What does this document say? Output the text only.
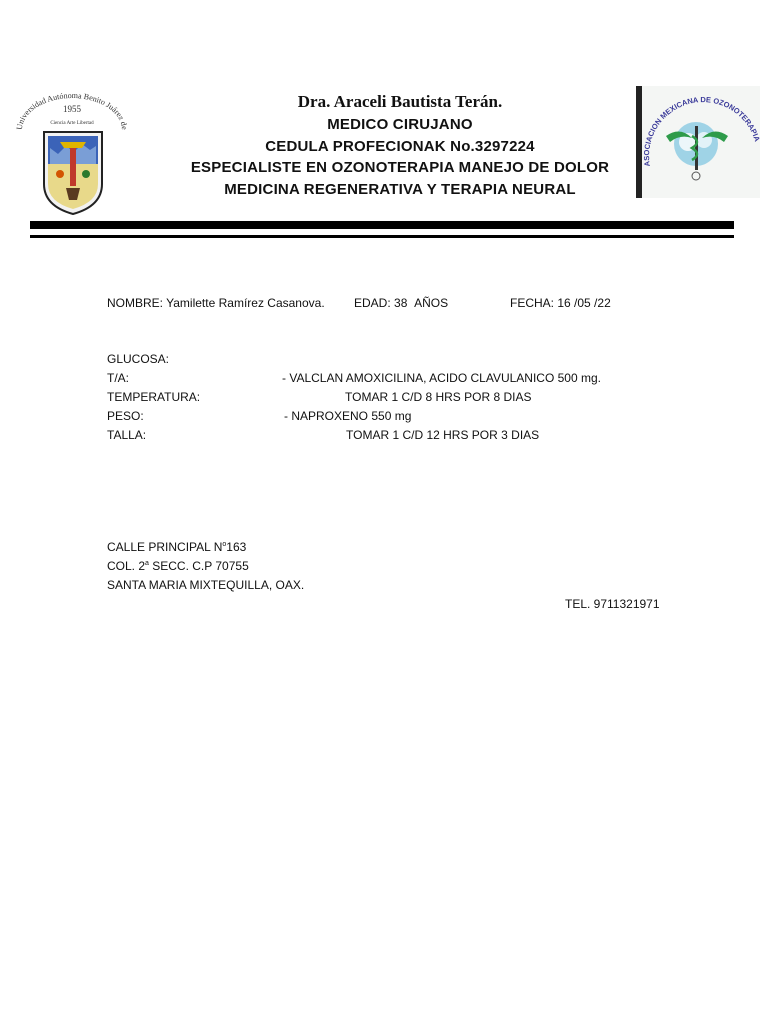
Universidad Autónoma Benito Juárez de
1955
Ciencia Arte Libertad
ASOCIACION MEXICANA DE OZONOTERAPI
Dra. Araceli Bautista Terán.
MEDICO CIRUJANO
CEDULA PROFECIONAK No.3297224
ESPECIALISTE EN OZONOTERAPIA MANEJO DE DOLOR
MEDICINA REGENERATIVA Y TERAPIA NEURAL
NOMBRE: Yamilette Ramírez Casanova. EDAD: 38 AÑOS	FECHA: 16 /05 /22
GLUCOSA:
T/A:
TEMPERATURA:
PESO:
TALLA:
- VALCLAN AMOXICILINA, ACIDO CLAVULANICO 500 mg.
TOMAR 1 C/D 8 HRS POR 8 DIAS
- NAPROXENO 550 mg
TOMAR 1 C/D 12 HRS POR 3 DIAS
CALLE PRINCIPAL $N^o163$
COL. 2$^a$ SECC. C.P 70755
SANTA MARIA MIXTEQUILLA, OAX.
TEL. 9711321971
